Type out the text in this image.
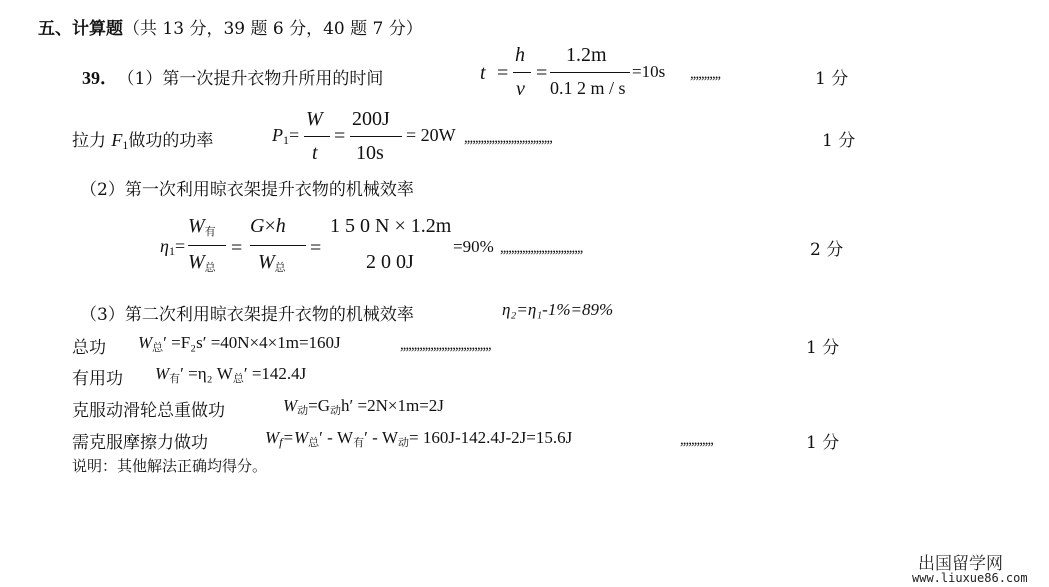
五、计算题（共 13 分，39 题 6 分，40 题 7 分）
39． （1）第一次提升衣物升所用的时间	t =
h
v
=
1.2m
0.1 2 m / s
=10s ,,,,,,,,,,,	1 分
拉力 $F_1$做功的功率	$P_1=$
W
t
=
200J
10s
= 20W ,,,,,,,,,,,,,,,,,,,,,,,,,,,,,,,,	1 分
（2）第一次利用晾衣架提升衣物的机械效率
$\eta_1=$
W有
W总
=
G×h
W总
=
1 5 0 N × 1.2m
2 0 0J
=90% ,,,,,,,,,,,,,,,,,,,,,,,,,,,,,,	2 分
（3）第二次利用晾衣架提升衣物的机械效率	η₂=η₁-1%=89%
总功 W总′ =F₂s′ =40N×4×1m=160J	,,,,,,,,,,,,,,,,,,,,,,,,,,,,,,,,,	1 分
有用功 W有′ =η₂ W总′ =142.4J
克服动滑轮总重做功	W动=G动h′ =2N×1m=2J
需克服摩擦力做功	$W_f=W$总′ - W有′ - W动= 160J-142.4J-2J=15.6J	,,,,,,,,,,,,	1 分
说明：其他解法正确均得分。
出国留学网
www.liuxue86.com
